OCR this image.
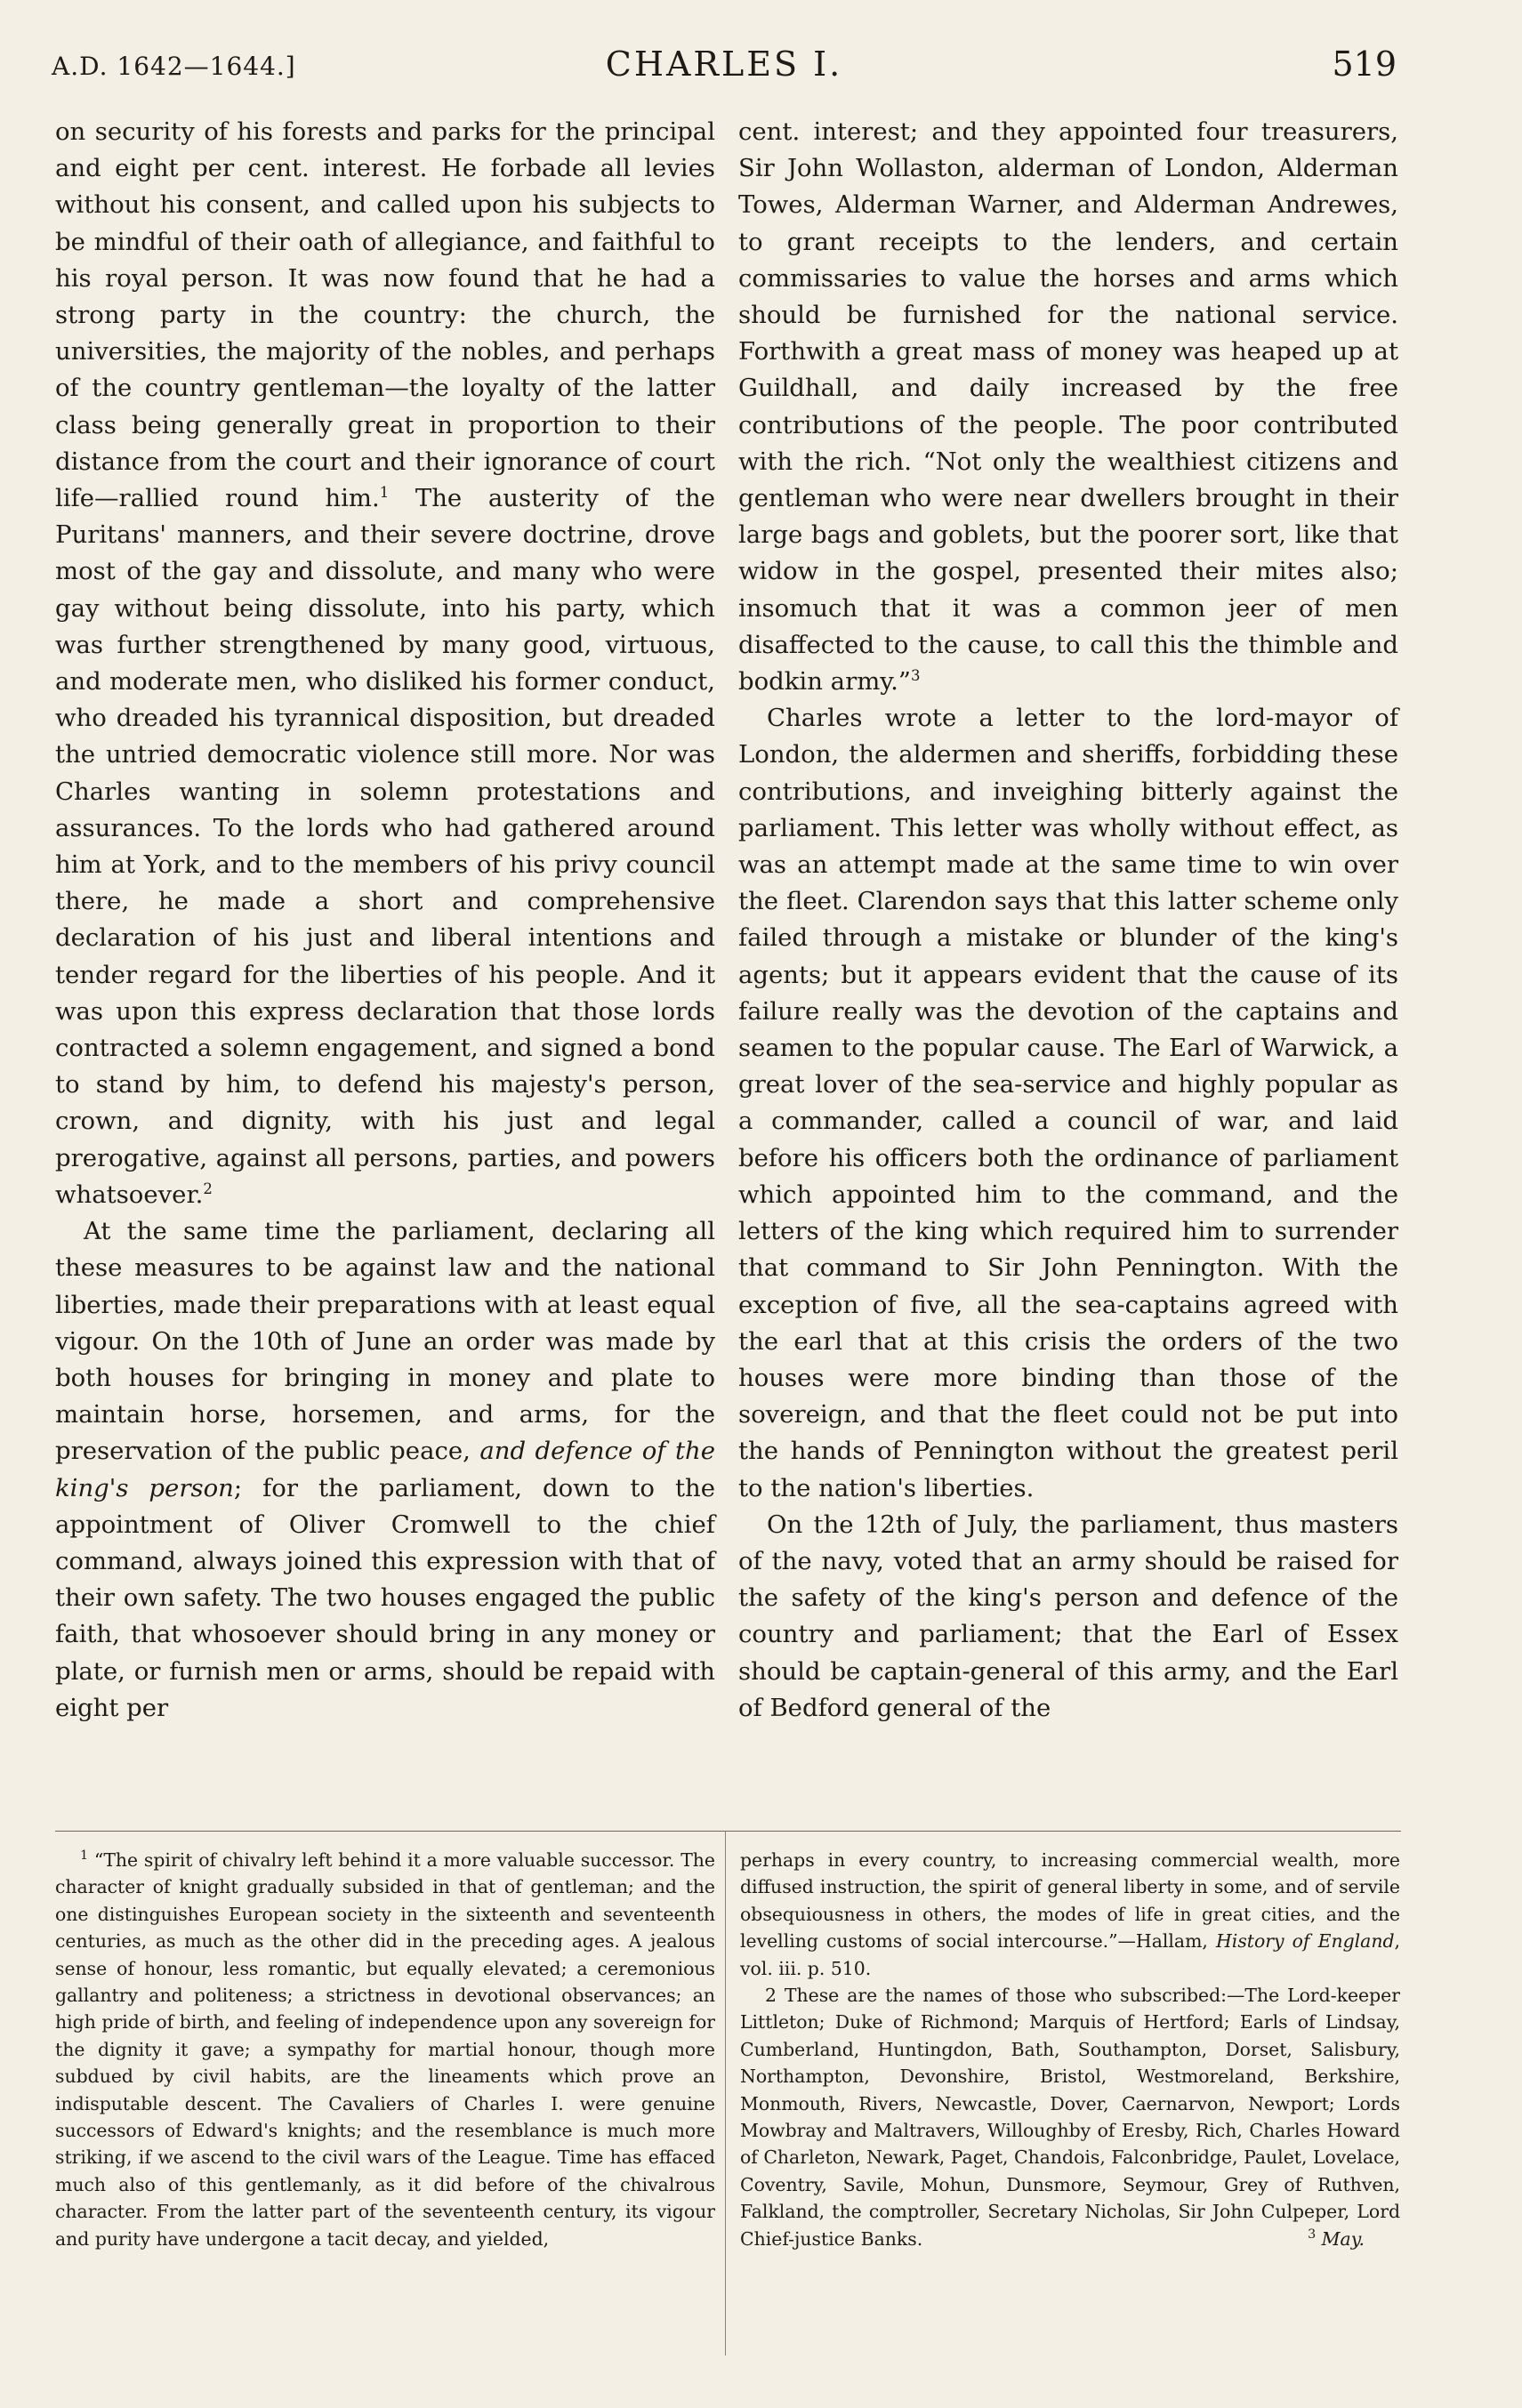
A.D. 1642—1644.]	CHARLES I.	519

on security of his forests and parks for the principal and eight per cent. interest. He forbade all levies without his consent, and called upon his subjects to be mindful of their oath of allegiance, and faithful to his royal person. It was now found that he had a strong party in the country: the church, the universities, the majority of the nobles, and perhaps of the country gentleman—the loyalty of the latter class being generally great in proportion to their distance from the court and their ignorance of court life—rallied round him.$^1$ The austerity of the Puritans' manners, and their severe doctrine, drove most of the gay and dissolute, and many who were gay without being dissolute, into his party, which was further strengthened by many good, virtuous, and moderate men, who disliked his former conduct, who dreaded his tyrannical disposition, but dreaded the untried democratic violence still more. Nor was Charles wanting in solemn protestations and assurances. To the lords who had gathered around him at York, and to the members of his privy council there, he made a short and comprehensive declaration of his just and liberal intentions and tender regard for the liberties of his people. And it was upon this express declaration that those lords contracted a solemn engagement, and signed a bond to stand by him, to defend his majesty's person, crown, and dignity, with his just and legal prerogative, against all persons, parties, and powers whatsoever.$^2$

At the same time the parliament, declaring all these measures to be against law and the national liberties, made their preparations with at least equal vigour. On the 10th of June an order was made by both houses for bringing in money and plate to maintain horse, horsemen, and arms, for the preservation of the public peace, and defence of the king's person; for the parliament, down to the appointment of Oliver Cromwell to the chief command, always joined this expression with that of their own safety. The two houses engaged the public faith, that whosoever should bring in any money or plate, or furnish men or arms, should be repaid with eight per

cent. interest; and they appointed four treasurers, Sir John Wollaston, alderman of London, Alderman Towes, Alderman Warner, and Alderman Andrewes, to grant receipts to the lenders, and certain commissaries to value the horses and arms which should be furnished for the national service. Forthwith a great mass of money was heaped up at Guildhall, and daily increased by the free contributions of the people. The poor contributed with the rich. “Not only the wealthiest citizens and gentleman who were near dwellers brought in their large bags and goblets, but the poorer sort, like that widow in the gospel, presented their mites also; insomuch that it was a common jeer of men disaffected to the cause, to call this the thimble and bodkin army.”$^3$

Charles wrote a letter to the lord-mayor of London, the aldermen and sheriffs, forbidding these contributions, and inveighing bitterly against the parliament. This letter was wholly without effect, as was an attempt made at the same time to win over the fleet. Clarendon says that this latter scheme only failed through a mistake or blunder of the king's agents; but it appears evident that the cause of its failure really was the devotion of the captains and seamen to the popular cause. The Earl of Warwick, a great lover of the sea-service and highly popular as a commander, called a council of war, and laid before his officers both the ordinance of parliament which appointed him to the command, and the letters of the king which required him to surrender that command to Sir John Pennington. With the exception of five, all the sea-captains agreed with the earl that at this crisis the orders of the two houses were more binding than those of the sovereign, and that the fleet could not be put into the hands of Pennington without the greatest peril to the nation's liberties.

On the 12th of July, the parliament, thus masters of the navy, voted that an army should be raised for the safety of the king's person and defence of the country and parliament; that the Earl of Essex should be captain-general of this army, and the Earl of Bedford general of the

$^1$ “The spirit of chivalry left behind it a more valuable successor. The character of knight gradually subsided in that of gentleman; and the one distinguishes European society in the sixteenth and seventeenth centuries, as much as the other did in the preceding ages. A jealous sense of honour, less romantic, but equally elevated; a ceremonious gallantry and politeness; a strictness in devotional observances; an high pride of birth, and feeling of independence upon any sovereign for the dignity it gave; a sympathy for martial honour, though more subdued by civil habits, are the lineaments which prove an indisputable descent. The Cavaliers of Charles I. were genuine successors of Edward's knights; and the resemblance is much more striking, if we ascend to the civil wars of the League. Time has effaced much also of this gentlemanly, as it did before of the chivalrous character. From the latter part of the seventeenth century, its vigour and purity have undergone a tacit decay, and yielded,

perhaps in every country, to increasing commercial wealth, more diffused instruction, the spirit of general liberty in some, and of servile obsequiousness in others, the modes of life in great cities, and the levelling customs of social intercourse.”—Hallam, History of England, vol. iii. p. 510.

2 These are the names of those who subscribed:—The Lord-keeper Littleton; Duke of Richmond; Marquis of Hertford; Earls of Lindsay, Cumberland, Huntingdon, Bath, Southampton, Dorset, Salisbury, Northampton, Devonshire, Bristol, Westmoreland, Berkshire, Monmouth, Rivers, Newcastle, Dover, Caernarvon, Newport; Lords Mowbray and Maltravers, Willoughby of Eresby, Rich, Charles Howard of Charleton, Newark, Paget, Chandois, Falconbridge, Paulet, Lovelace, Coventry, Savile, Mohun, Dunsmore, Seymour, Grey of Ruthven, Falkland, the comptroller, Secretary Nicholas, Sir John Culpeper, Lord Chief-justice Banks.	$^3$ May.
